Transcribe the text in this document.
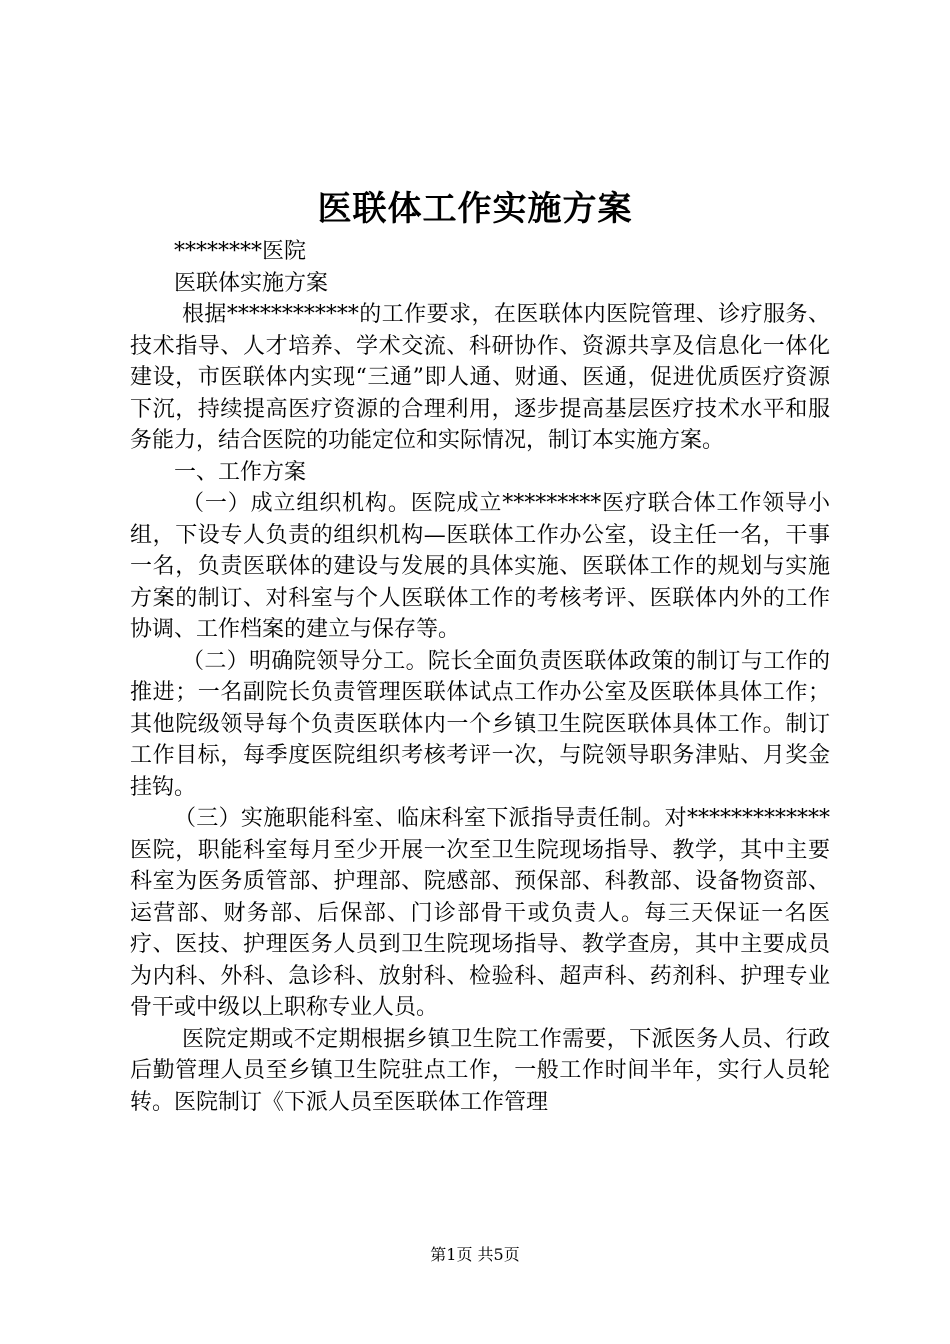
医联体工作实施方案

********医院

医联体实施方案

根据************的工作要求，在医联体内医院管理、诊疗服务、技术指导、人才培养、学术交流、科研协作、资源共享及信息化一体化建设，市医联体内实现“三通”即人通、财通、医通，促进优质医疗资源下沉，持续提高医疗资源的合理利用，逐步提高基层医疗技术水平和服务能力，结合医院的功能定位和实际情况，制订本实施方案。

一、工作方案

（一）成立组织机构。医院成立*********医疗联合体工作领导小组，下设专人负责的组织机构—医联体工作办公室，设主任一名，干事一名，负责医联体的建设与发展的具体实施、医联体工作的规划与实施方案的制订、对科室与个人医联体工作的考核考评、医联体内外的工作协调、工作档案的建立与保存等。

（二）明确院领导分工。院长全面负责医联体政策的制订与工作的推进；一名副院长负责管理医联体试点工作办公室及医联体具体工作；其他院级领导每个负责医联体内一个乡镇卫生院医联体具体工作。制订工作目标，每季度医院组织考核考评一次，与院领导职务津贴、月奖金挂钩。

（三）实施职能科室、临床科室下派指导责任制。对*************医院，职能科室每月至少开展一次至卫生院现场指导、教学，其中主要科室为医务质管部、护理部、院感部、预保部、科教部、设备物资部、运营部、财务部、后保部、门诊部骨干或负责人。每三天保证一名医疗、医技、护理医务人员到卫生院现场指导、教学查房，其中主要成员为内科、外科、急诊科、放射科、检验科、超声科、药剂科、护理专业骨干或中级以上职称专业人员。

医院定期或不定期根据乡镇卫生院工作需要，下派医务人员、行政后勤管理人员至乡镇卫生院驻点工作，一般工作时间半年，实行人员轮转。医院制订《下派人员至医联体工作管理

第1页 共5页
